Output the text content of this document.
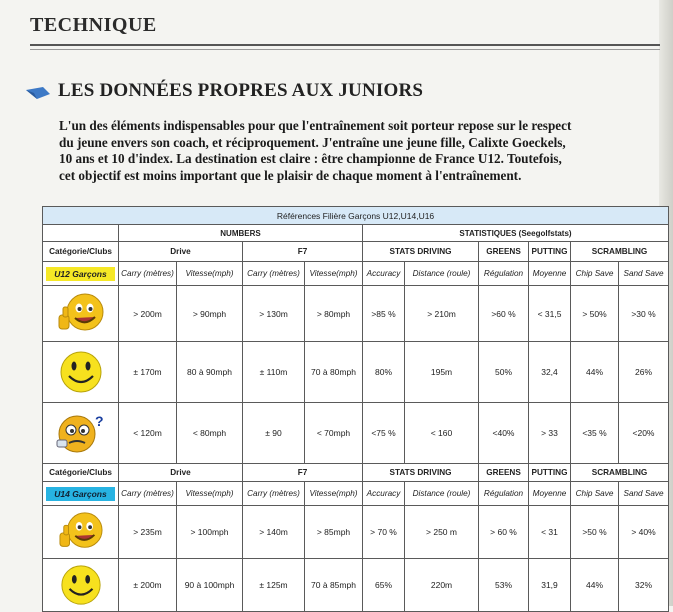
TECHNIQUE
LES DONNÉES PROPRES AUX JUNIORS

L'un des éléments indispensables pour que l'entraînement soit porteur repose sur le respect
du jeune envers son coach, et réciproquement. J'entraîne une jeune fille, Calixte Goeckels,
10 ans et 10 d'index. La destination est claire : être championne de France U12. Toutefois,
cet objectif est moins important que le plaisir de chaque moment à l'entraînement.

Références Filière Garçons U12,U14,U16										
	NUMBERS				STATISTIQUES (Seegolfstats)					
Catégorie/Clubs	Drive		F7		STATS DRIVING		GREENS	PUTTING	SCRAMBLING	

U12 Garçons	Carry (mètres)	Vitesse(mph)	Carry (mètres)	Vitesse(mph)	Accuracy	Distance (roule)	Régulation	Moyenne	Chip Save	Sand Save

	> 200m	> 90mph	> 130m	> 80mph	>85 %	> 210m	>60 %	< 31,5	> 50%	>30 %

	± 170m	80 à 90mph	± 110m	70 à 80mph	80%	195m	50%	32,4	44%	26%

?	< 120m	< 80mph	± 90	< 70mph	<75 %	< 160	<40%	> 33	<35 %	<20%
Catégorie/Clubs	Drive		F7		STATS DRIVING		GREENS	PUTTING	SCRAMBLING	

U14 Garçons	Carry (mètres)	Vitesse(mph)	Carry (mètres)	Vitesse(mph)	Accuracy	Distance (roule)	Régulation	Moyenne	Chip Save	Sand Save

	> 235m	> 100mph	> 140m	> 85mph	> 70 %	> 250 m	> 60 %	< 31	>50 %	> 40%

	± 200m	90 à 100mph	± 125m	70 à 85mph	65%	220m	53%	31,9	44%	32%
